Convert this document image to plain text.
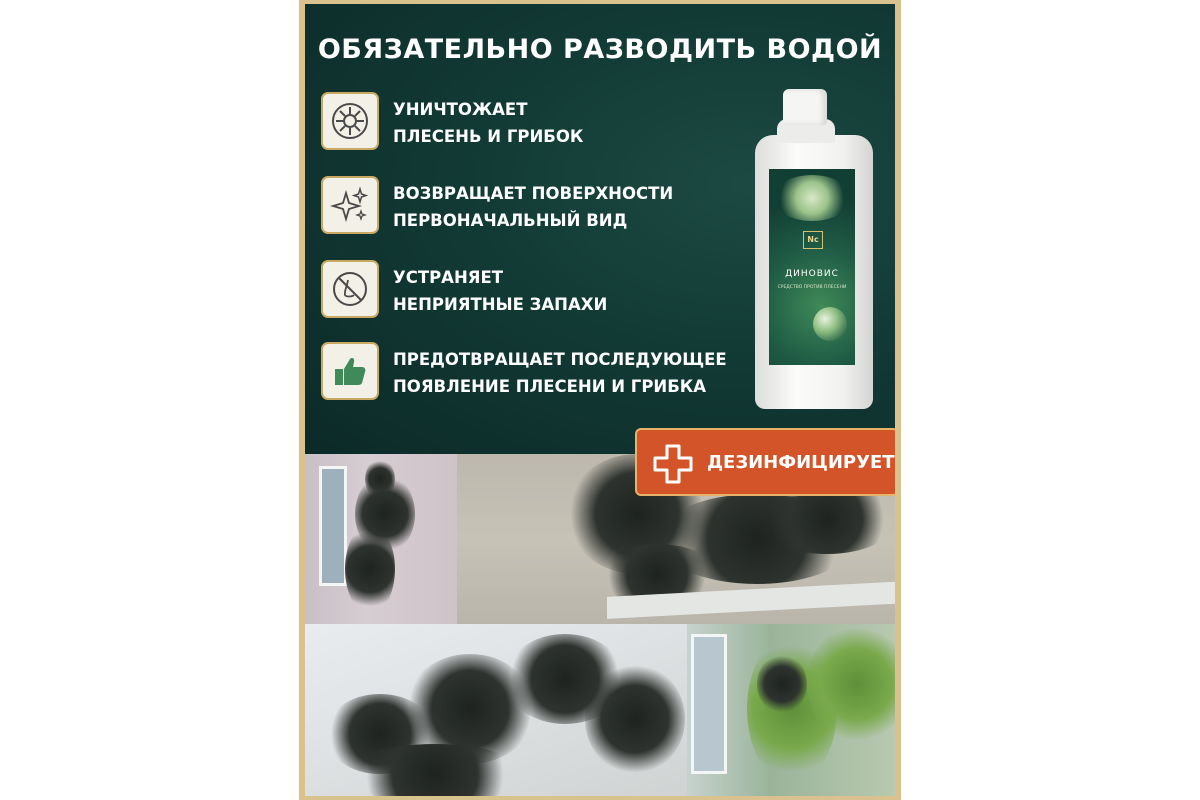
ОБЯЗАТЕЛЬНО РАЗВОДИТЬ ВОДОЙ
УНИЧТОЖАЕТ
ПЛЕСЕНЬ И ГРИБОК
ВОЗВРАЩАЕТ ПОВЕРХНОСТИ
ПЕРВОНАЧАЛЬНЫЙ ВИД
УСТРАНЯЕТ
НЕПРИЯТНЫЕ ЗАПАХИ
ПРЕДОТВРАЩАЕТ ПОСЛЕДУЮЩЕЕ
ПОЯВЛЕНИЕ ПЛЕСЕНИ И ГРИБКА
Nc
ДИНОВИС
СРЕДСТВО ПРОТИВ ПЛЕСЕНИ
ДЕЗИНФИЦИРУЕТ
